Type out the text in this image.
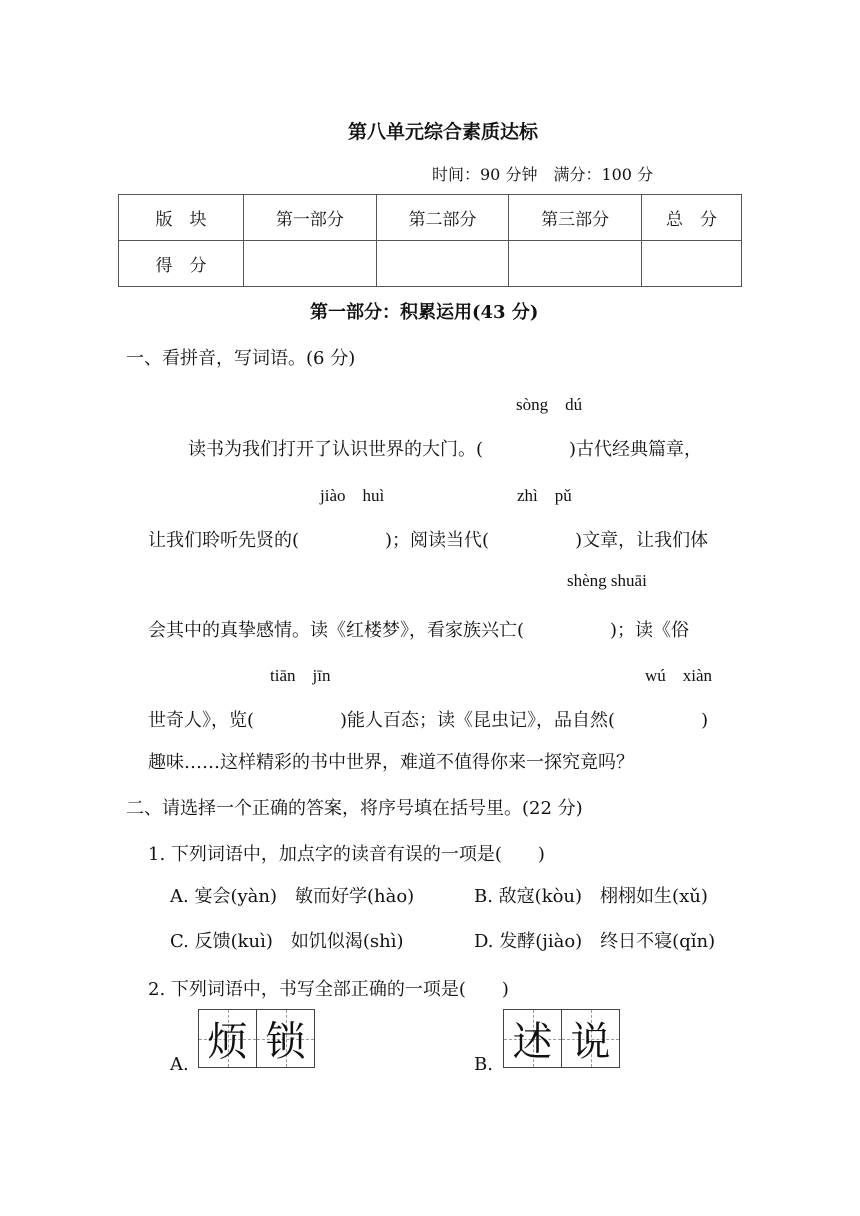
第八单元综合素质达标
时间：90 分钟　满分：100 分
版　块	第一部分	第二部分	第三部分	总　分
得　分				
第一部分：积累运用(43 分)
一、看拼音，写词语。(6 分)
sòng　dú
读书为我们打开了认识世界的大门。(	)古代经典篇章，
jiào　huì	zhì　pǔ
让我们聆听先贤的(	)；阅读当代(	)文章，让我们体
shèng shuāi
会其中的真挚感情。读《红楼梦》，看家族兴亡(	)；读《俗
tiān　jīn	wú　xiàn
世奇人》，览(	)能人百态；读《昆虫记》，品自然(	)
趣味……这样精彩的书中世界，难道不值得你来一探究竟吗？
二、请选择一个正确的答案，将序号填在括号里。(22 分)
1. 下列词语中，加点字的读音有误的一项是(　　)
A. 宴会(yàn)　敏而好学(hào)	B. 敌寇(kòu)　栩栩如生(xǔ)
C. 反馈(kuì)　如饥似渴(shì)	D. 发酵(jiào)　终日不寝(qǐn)
2. 下列词语中，书写全部正确的一项是(　　)
A. 烦 锁	B. 述 说
